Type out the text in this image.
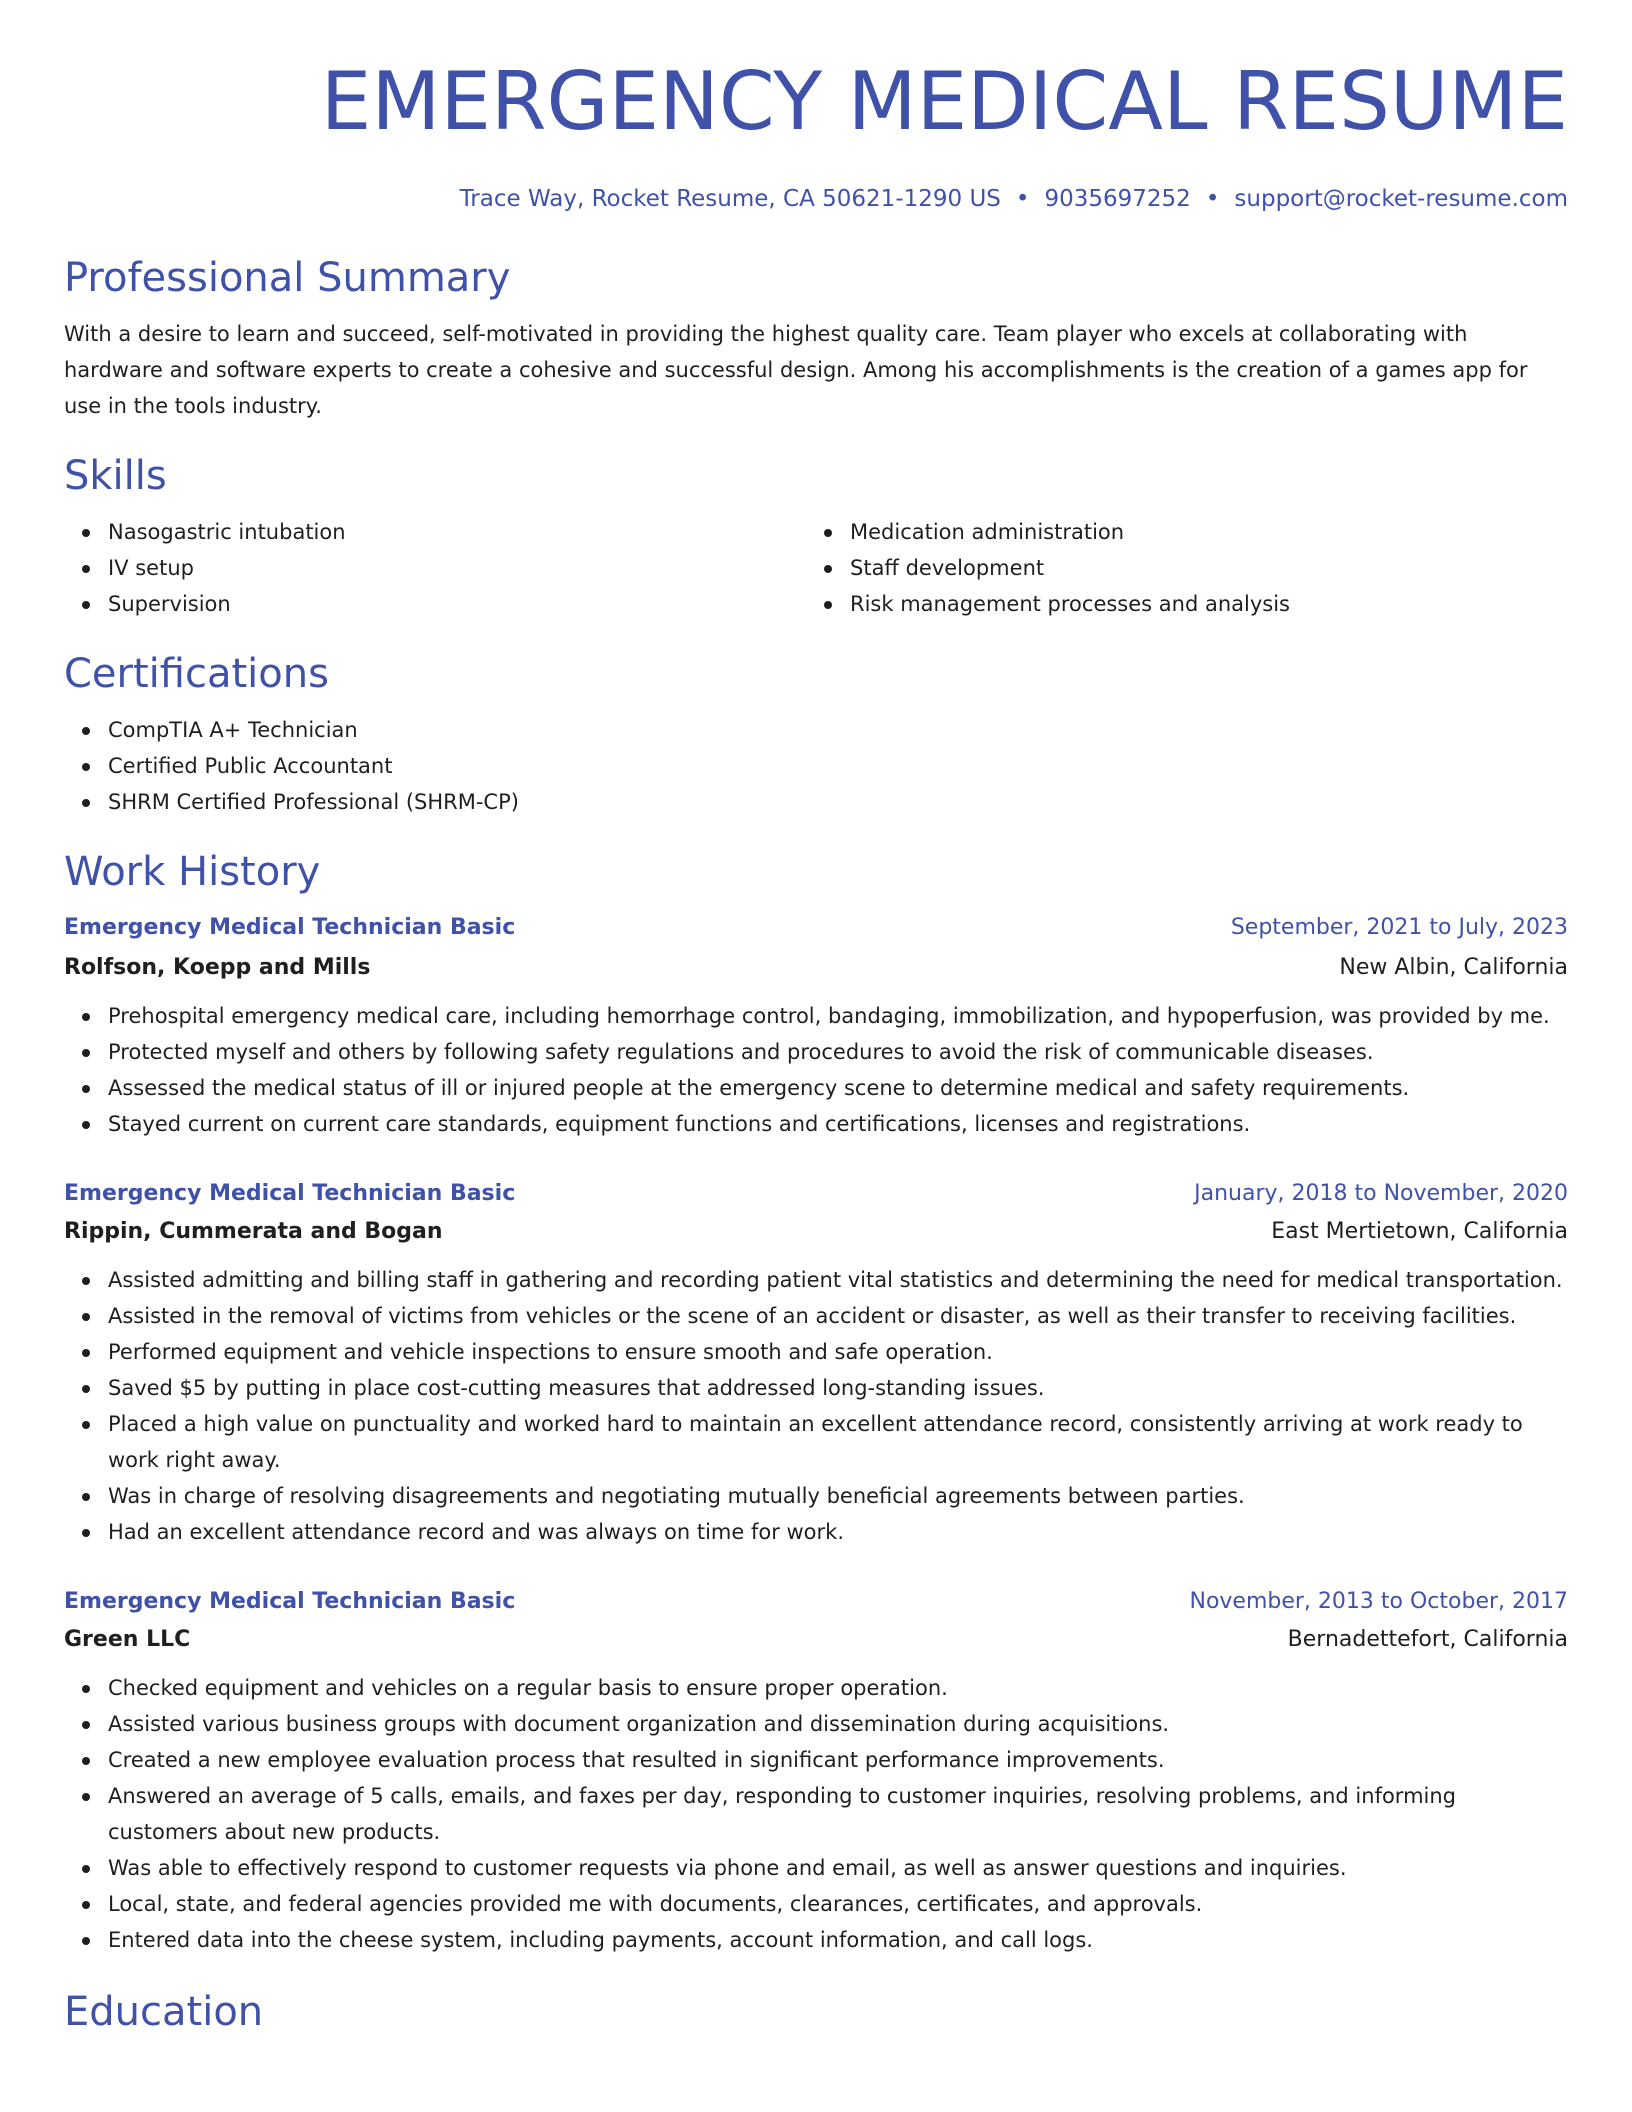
EMERGENCY MEDICAL RESUME
Trace Way, Rocket Resume, CA 50621-1290 US • 9035697252 • support@rocket-resume.com
Professional Summary

With a desire to learn and succeed, self-motivated in providing the highest quality care. Team player who excels at collaborating with hardware and software experts to create a cohesive and successful design. Among his accomplishments is the creation of a games app for use in the tools industry.

Skills
Nasogastric intubation
IV setup
Supervision
Medication administration
Staff development
Risk management processes and analysis
Certifications
CompTIA A+ Technician
Certified Public Accountant
SHRM Certified Professional (SHRM-CP)
Work History
Emergency Medical Technician Basic	September, 2021 to July, 2023
Rolfson, Koepp and Mills	New Albin, California
Prehospital emergency medical care, including hemorrhage control, bandaging, immobilization, and hypoperfusion, was provided by me.
Protected myself and others by following safety regulations and procedures to avoid the risk of communicable diseases.
Assessed the medical status of ill or injured people at the emergency scene to determine medical and safety requirements.
Stayed current on current care standards, equipment functions and certifications, licenses and registrations.
Emergency Medical Technician Basic	January, 2018 to November, 2020
Rippin, Cummerata and Bogan	East Mertietown, California
Assisted admitting and billing staff in gathering and recording patient vital statistics and determining the need for medical transportation.
Assisted in the removal of victims from vehicles or the scene of an accident or disaster, as well as their transfer to receiving facilities.
Performed equipment and vehicle inspections to ensure smooth and safe operation.
Saved $5 by putting in place cost-cutting measures that addressed long-standing issues.
Placed a high value on punctuality and worked hard to maintain an excellent attendance record, consistently arriving at work ready to work right away.
Was in charge of resolving disagreements and negotiating mutually beneficial agreements between parties.
Had an excellent attendance record and was always on time for work.
Emergency Medical Technician Basic	November, 2013 to October, 2017
Green LLC	Bernadettefort, California
Checked equipment and vehicles on a regular basis to ensure proper operation.
Assisted various business groups with document organization and dissemination during acquisitions.
Created a new employee evaluation process that resulted in significant performance improvements.
Answered an average of 5 calls, emails, and faxes per day, responding to customer inquiries, resolving problems, and informing customers about new products.
Was able to effectively respond to customer requests via phone and email, as well as answer questions and inquiries.
Local, state, and federal agencies provided me with documents, clearances, certificates, and approvals.
Entered data into the cheese system, including payments, account information, and call logs.
Education
